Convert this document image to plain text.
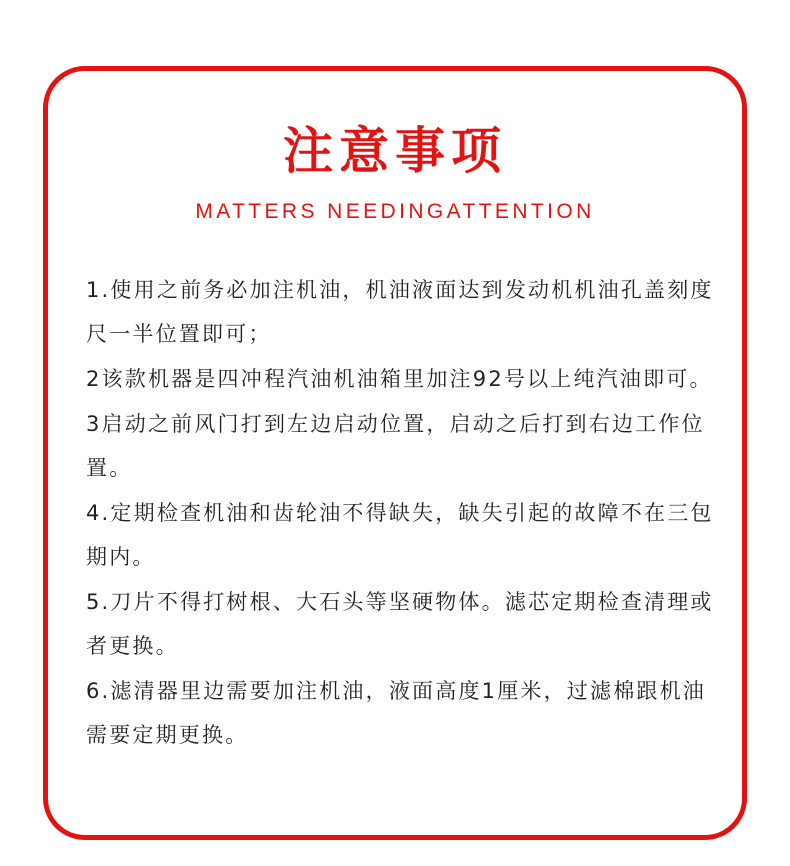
注意事项
MATTERS NEEDINGATTENTION
1.使用之前务必加注机油，机油液面达到发动机机油孔盖刻度尺一半位置即可；
2该款机器是四冲程汽油机油箱里加注92号以上纯汽油即可。
3启动之前风门打到左边启动位置，启动之后打到右边工作位置。
4.定期检查机油和齿轮油不得缺失，缺失引起的故障不在三包期内。
5.刀片不得打树根、大石头等坚硬物体。滤芯定期检查清理或者更换。
6.滤清器里边需要加注机油，液面高度1厘米，过滤棉跟机油需要定期更换。
